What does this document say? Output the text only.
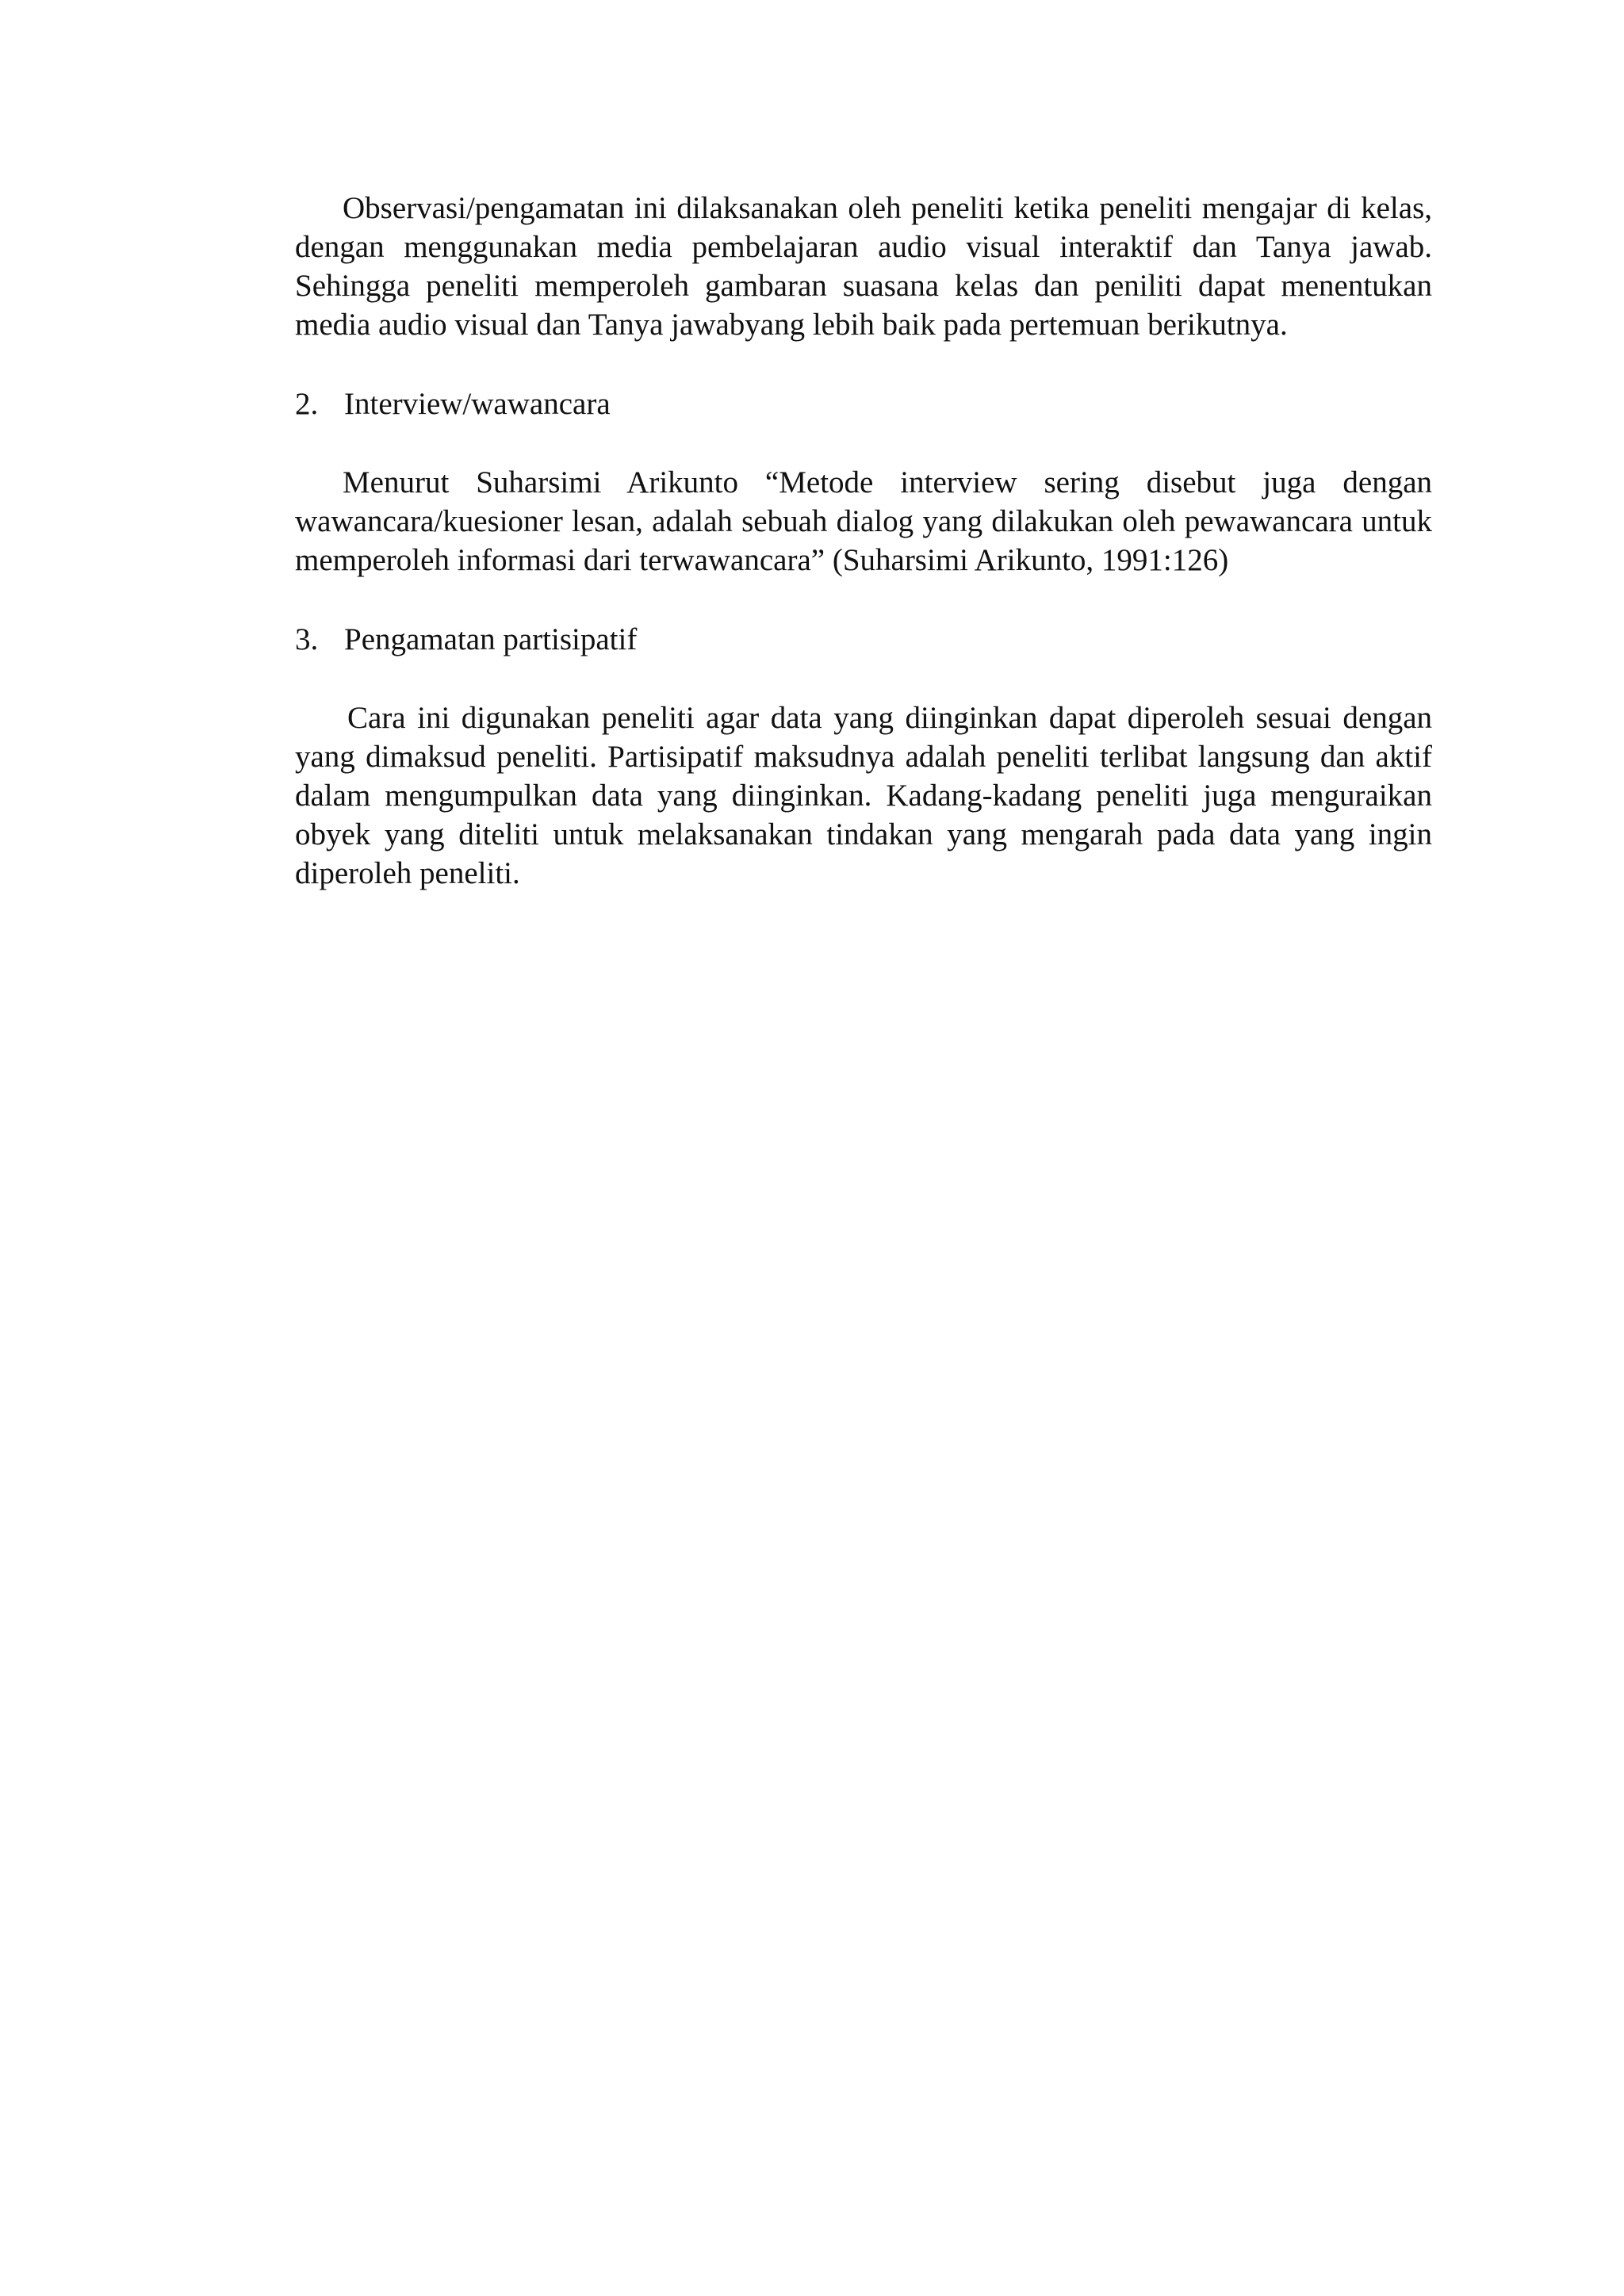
Observasi/pengamatan ini dilaksanakan oleh peneliti ketika peneliti mengajar di kelas, dengan menggunakan media pembelajaran audio visual interaktif dan Tanya jawab. Sehingga peneliti memperoleh gambaran suasana kelas dan peniliti dapat menentukan media audio visual dan Tanya jawabyang lebih baik pada pertemuan berikutnya.

2. Interview/wawancara

Menurut Suharsimi Arikunto “Metode interview sering disebut juga dengan wawancara/kuesioner lesan, adalah sebuah dialog yang dilakukan oleh pewawancara untuk memperoleh informasi dari terwawancara” (Suharsimi Arikunto, 1991:126)

3. Pengamatan partisipatif

Cara ini digunakan peneliti agar data yang diinginkan dapat diperoleh sesuai dengan yang dimaksud peneliti. Partisipatif maksudnya adalah peneliti terlibat langsung dan aktif dalam mengumpulkan data yang diinginkan. Kadang-kadang peneliti juga menguraikan obyek yang diteliti untuk melaksanakan tindakan yang mengarah pada data yang ingin diperoleh peneliti.
